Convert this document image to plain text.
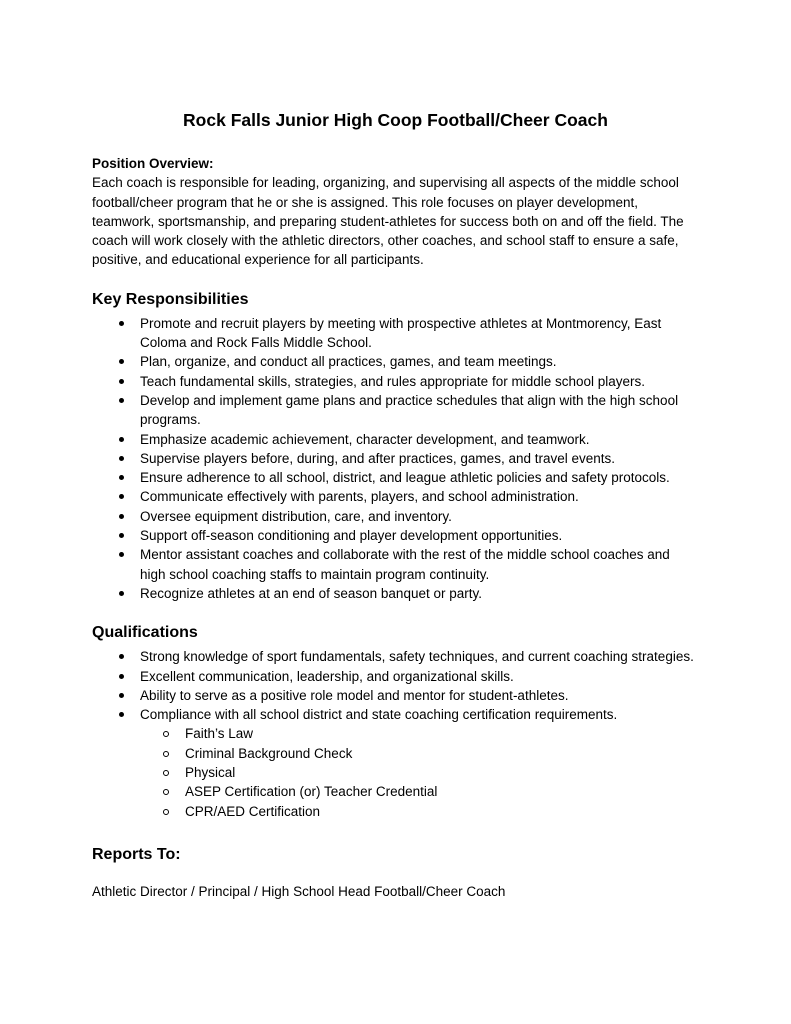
Rock Falls Junior High Coop Football/Cheer Coach

Position Overview:

Each coach is responsible for leading, organizing, and supervising all aspects of the middle school football/cheer program that he or she is assigned. This role focuses on player development, teamwork, sportsmanship, and preparing student-athletes for success both on and off the field. The coach will work closely with the athletic directors, other coaches, and school staff to ensure a safe, positive, and educational experience for all participants.

Key Responsibilities
Promote and recruit players by meeting with prospective athletes at Montmorency, East Coloma and Rock Falls Middle School.
Plan, organize, and conduct all practices, games, and team meetings.
Teach fundamental skills, strategies, and rules appropriate for middle school players.
Develop and implement game plans and practice schedules that align with the high school programs.
Emphasize academic achievement, character development, and teamwork.
Supervise players before, during, and after practices, games, and travel events.
Ensure adherence to all school, district, and league athletic policies and safety protocols.
Communicate effectively with parents, players, and school administration.
Oversee equipment distribution, care, and inventory.
Support off-season conditioning and player development opportunities.
Mentor assistant coaches and collaborate with the rest of the middle school coaches and high school coaching staffs to maintain program continuity.
Recognize athletes at an end of season banquet or party.
Qualifications
Strong knowledge of sport fundamentals, safety techniques, and current coaching strategies.
Excellent communication, leadership, and organizational skills.
Ability to serve as a positive role model and mentor for student-athletes.
Compliance with all school district and state coaching certification requirements.
Faith’s Law
Criminal Background Check
Physical
ASEP Certification (or) Teacher Credential
CPR/AED Certification
Reports To:

Athletic Director / Principal / High School Head Football/Cheer Coach
